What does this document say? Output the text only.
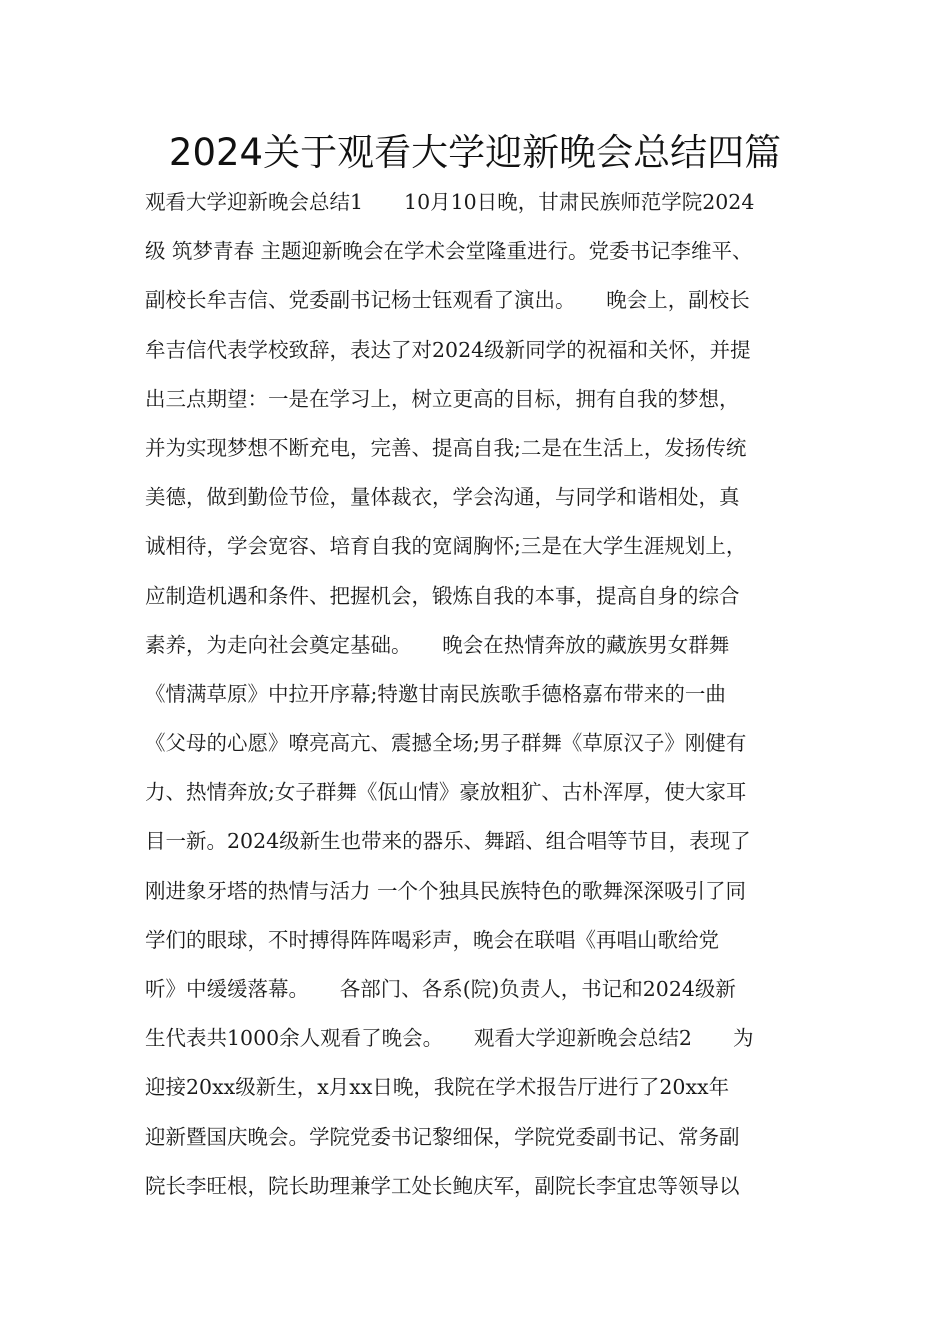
2024关于观看大学迎新晚会总结四篇
观看大学迎新晚会总结1　　10月10日晚，甘肃民族师范学院2024
级 筑梦青春 主题迎新晚会在学术会堂隆重进行。党委书记李维平、
副校长牟吉信、党委副书记杨士钰观看了演出。　　晚会上，副校长
牟吉信代表学校致辞，表达了对2024级新同学的祝福和关怀，并提
出三点期望：一是在学习上，树立更高的目标，拥有自我的梦想，
并为实现梦想不断充电，完善、提高自我;二是在生活上，发扬传统
美德，做到勤俭节俭，量体裁衣，学会沟通，与同学和谐相处，真
诚相待，学会宽容、培育自我的宽阔胸怀;三是在大学生涯规划上，
应制造机遇和条件、把握机会，锻炼自我的本事，提高自身的综合
素养，为走向社会奠定基础。　　晚会在热情奔放的藏族男女群舞
《情满草原》中拉开序幕;特邀甘南民族歌手德格嘉布带来的一曲
《父母的心愿》嘹亮高亢、震撼全场;男子群舞《草原汉子》刚健有
力、热情奔放;女子群舞《佤山情》豪放粗犷、古朴浑厚，使大家耳
目一新。2024级新生也带来的器乐、舞蹈、组合唱等节目，表现了
刚进象牙塔的热情与活力 一个个独具民族特色的歌舞深深吸引了同
学们的眼球，不时搏得阵阵喝彩声，晚会在联唱《再唱山歌给党
听》中缓缓落幕。　　各部门、各系(院)负责人，书记和2024级新
生代表共1000余人观看了晚会。　　观看大学迎新晚会总结2　　为
迎接20xx级新生，x月xx日晚，我院在学术报告厅进行了20xx年
迎新暨国庆晚会。学院党委书记黎细保，学院党委副书记、常务副
院长李旺根，院长助理兼学工处长鲍庆军，副院长李宜忠等领导以
